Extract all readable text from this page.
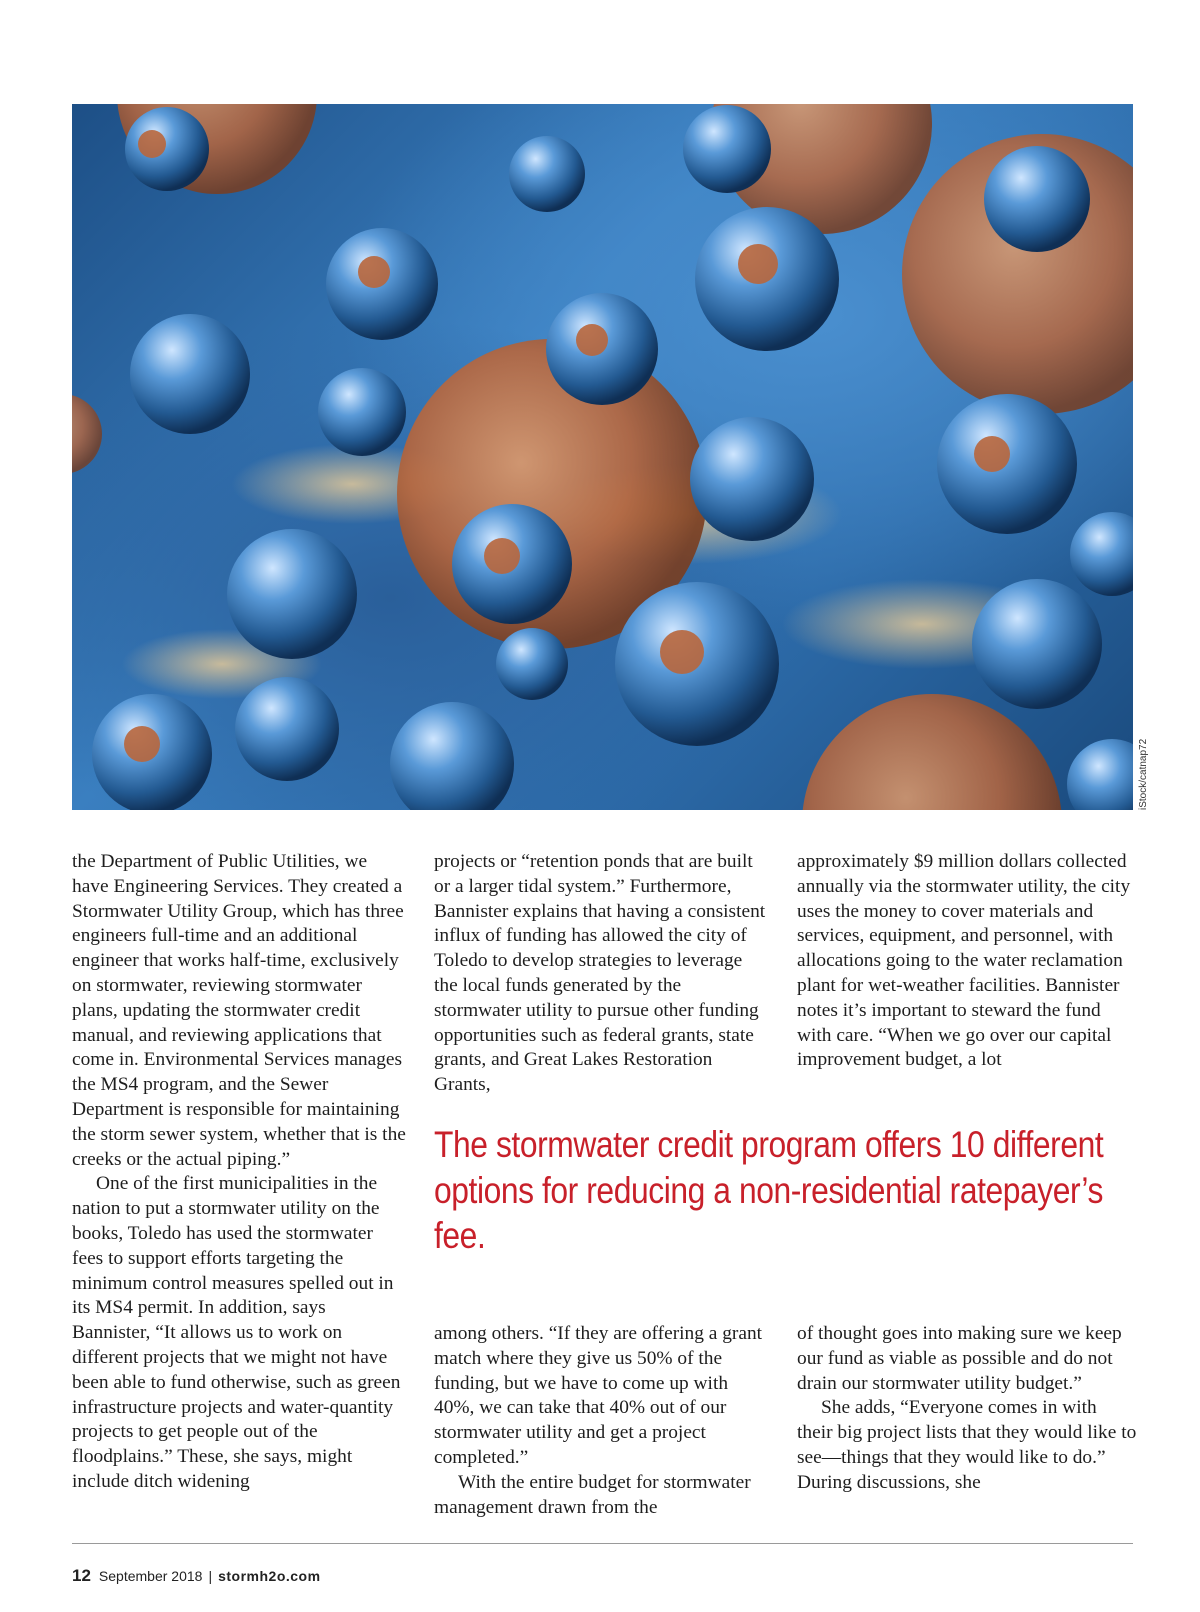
iStock/catnap72

the Department of Public Utilities, we have Engineering Services. They created a Stormwater Utility Group, which has three engineers full-time and an additional engineer that works half-time, exclusively on stormwater, reviewing stormwater plans, updating the stormwater credit manual, and reviewing applications that come in. Environmental Services manages the MS4 program, and the Sewer Department is responsible for maintaining the storm sewer system, whether that is the creeks or the actual piping.”

One of the first municipalities in the nation to put a stormwater utility on the books, Toledo has used the stormwater fees to support efforts targeting the minimum control measures spelled out in its MS4 permit. In addition, says Bannister, “It allows us to work on different projects that we might not have been able to fund otherwise, such as green infrastructure projects and water-quantity projects to get people out of the floodplains.” These, she says, might include ditch widening

projects or “retention ponds that are built or a larger tidal system.” Furthermore, Bannister explains that having a consistent influx of funding has allowed the city of Toledo to develop strategies to leverage the local funds generated by the stormwater utility to pursue other funding opportunities such as federal grants, state grants, and Great Lakes Restoration Grants,

approximately $9 million dollars collected annually via the stormwater utility, the city uses the money to cover materials and services, equipment, and personnel, with allocations going to the water reclamation plant for wet-weather facilities. Bannister notes it’s important to steward the fund with care. “When we go over our capital improvement budget, a lot

The stormwater credit program offers 10 different options for reducing a non-residential ratepayer’s fee.

among others. “If they are offering a grant match where they give us 50% of the funding, but we have to come up with 40%, we can take that 40% out of our stormwater utility and get a project completed.”

With the entire budget for stormwater management drawn from the

of thought goes into making sure we keep our fund as viable as possible and do not drain our stormwater utility budget.”

She adds, “Everyone comes in with their big project lists that they would like to see—things that they would like to do.” During discussions, she

12 September 2018 | stormh2o.com
